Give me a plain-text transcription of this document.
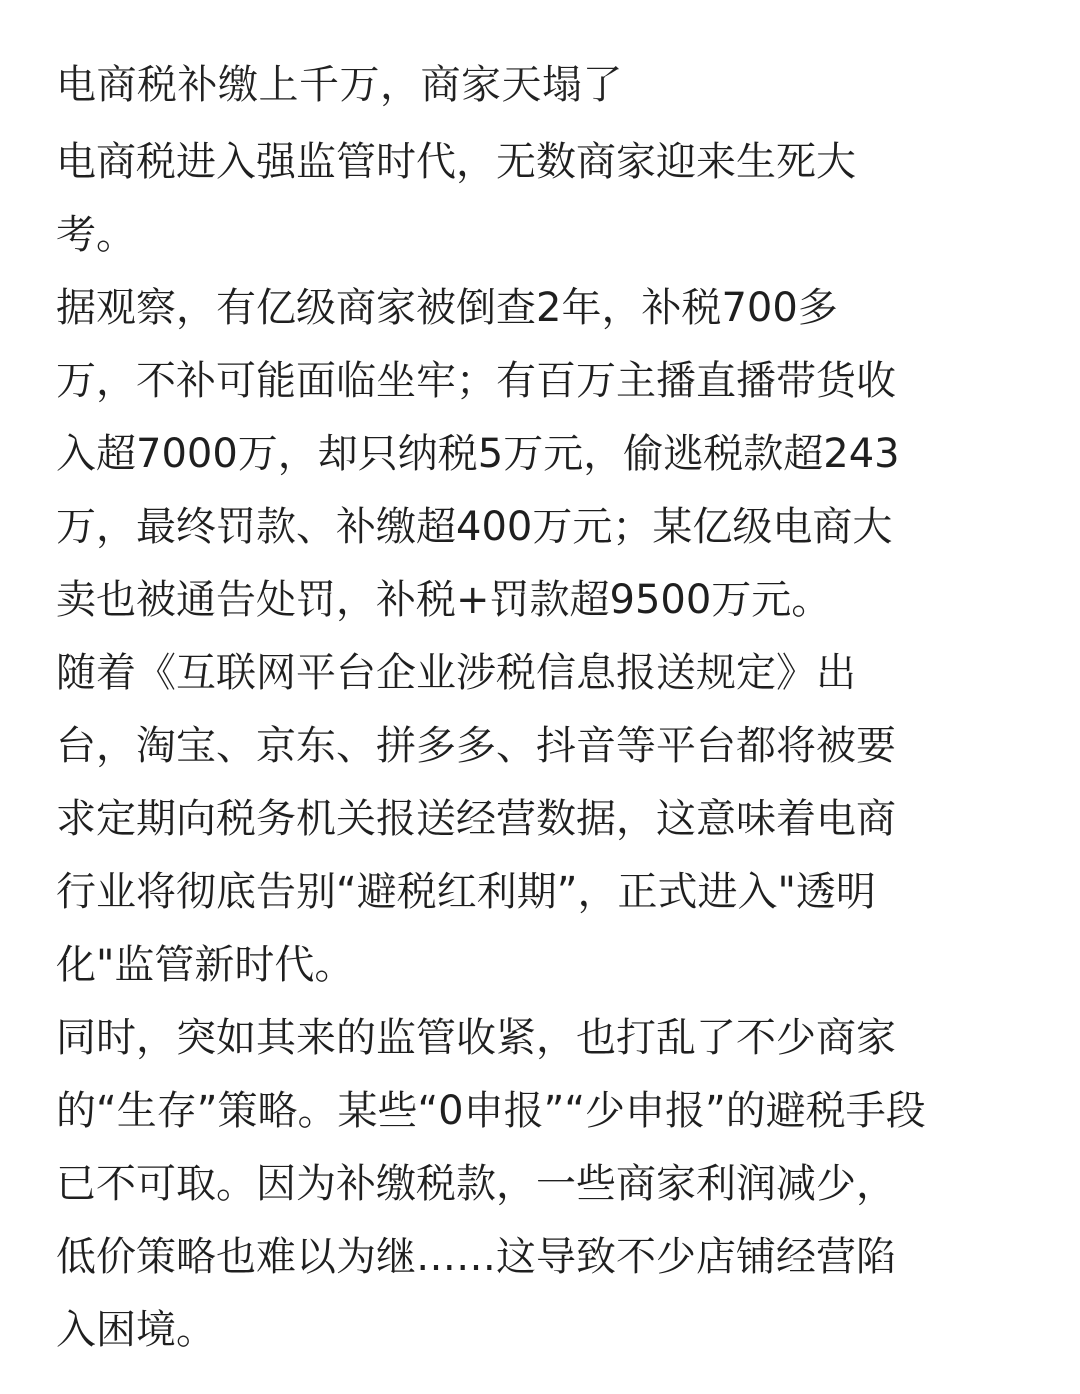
电商税补缴上千万，商家天塌了

电商税进入强监管时代，无数商家迎来生死大
考。

据观察，有亿级商家被倒查2年，补税700多
万，不补可能面临坐牢；有百万主播直播带货收
入超7000万，却只纳税5万元，偷逃税款超243
万，最终罚款、补缴超400万元；某亿级电商大
卖也被通告处罚，补税+罚款超9500万元。

随着《互联网平台企业涉税信息报送规定》出
台，淘宝、京东、拼多多、抖音等平台都将被要
求定期向税务机关报送经营数据，这意味着电商
行业将彻底告别“避税红利期”，正式进入"透明
化"监管新时代。

同时，突如其来的监管收紧，也打乱了不少商家
的“生存”策略。某些“0申报”“少申报”的避税手段
已不可取。因为补缴税款，一些商家利润减少，
低价策略也难以为继……这导致不少店铺经营陷
入困境。
